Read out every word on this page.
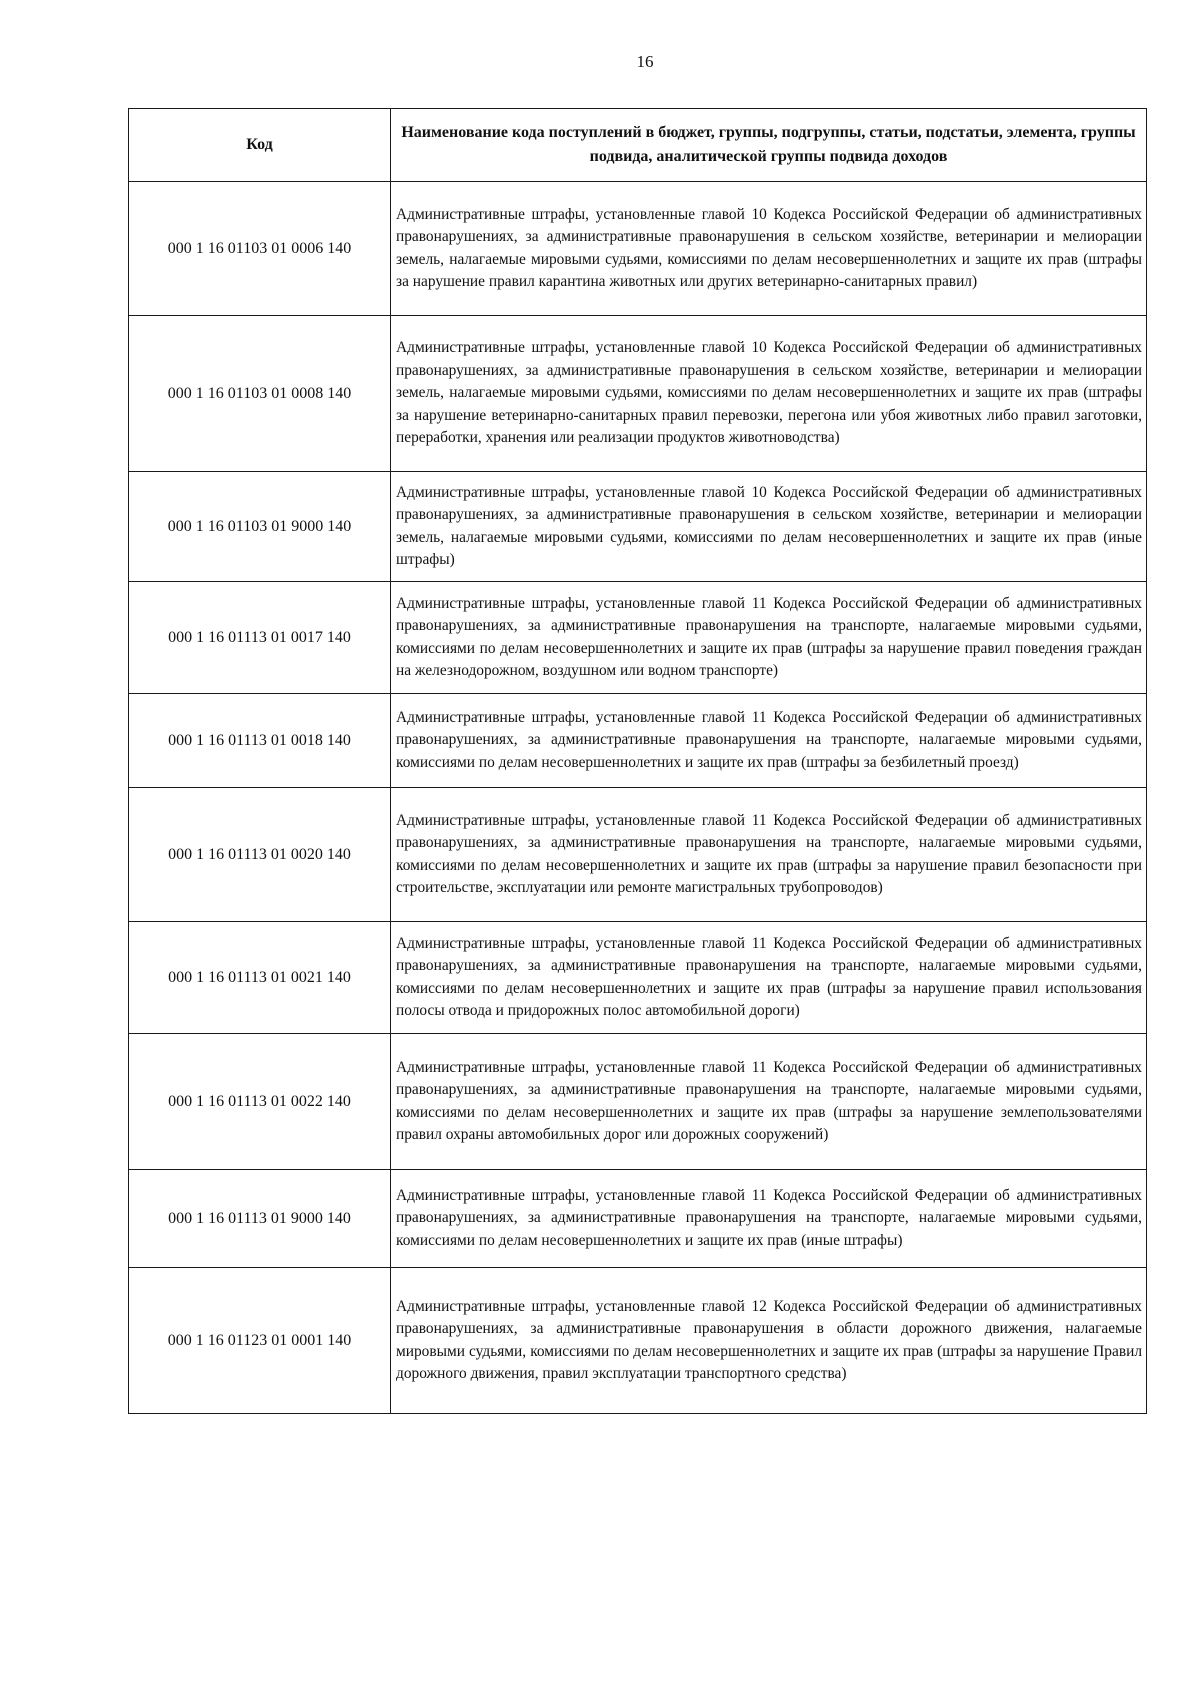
16
Код	Наименование кода поступлений в бюджет, группы, подгруппы, статьи, подстатьи, элемента, группы подвида, аналитической группы подвида доходов
000 1 16 01103 01 0006 140	Административные штрафы, установленные главой 10 Кодекса Российской Федерации об административных правонарушениях, за административные правонарушения в сельском хозяйстве, ветеринарии и мелиорации земель, налагаемые мировыми судьями, комиссиями по делам несовершеннолетних и защите их прав (штрафы за нарушение правил карантина животных или других ветеринарно-санитарных правил)
000 1 16 01103 01 0008 140	Административные штрафы, установленные главой 10 Кодекса Российской Федерации об административных правонарушениях, за административные правонарушения в сельском хозяйстве, ветеринарии и мелиорации земель, налагаемые мировыми судьями, комиссиями по делам несовершеннолетних и защите их прав (штрафы за нарушение ветеринарно-санитарных правил перевозки, перегона или убоя животных либо правил заготовки, переработки, хранения или реализации продуктов животноводства)
000 1 16 01103 01 9000 140	Административные штрафы, установленные главой 10 Кодекса Российской Федерации об административных правонарушениях, за административные правонарушения в сельском хозяйстве, ветеринарии и мелиорации земель, налагаемые мировыми судьями, комиссиями по делам несовершеннолетних и защите их прав (иные штрафы)
000 1 16 01113 01 0017 140	Административные штрафы, установленные главой 11 Кодекса Российской Федерации об административных правонарушениях, за административные правонарушения на транспорте, налагаемые мировыми судьями, комиссиями по делам несовершеннолетних и защите их прав (штрафы за нарушение правил поведения граждан на железнодорожном, воздушном или водном транспорте)
000 1 16 01113 01 0018 140	Административные штрафы, установленные главой 11 Кодекса Российской Федерации об административных правонарушениях, за административные правонарушения на транспорте, налагаемые мировыми судьями, комиссиями по делам несовершеннолетних и защите их прав (штрафы за безбилетный проезд)
000 1 16 01113 01 0020 140	Административные штрафы, установленные главой 11 Кодекса Российской Федерации об административных правонарушениях, за административные правонарушения на транспорте, налагаемые мировыми судьями, комиссиями по делам несовершеннолетних и защите их прав (штрафы за нарушение правил безопасности при строительстве, эксплуатации или ремонте магистральных трубопроводов)
000 1 16 01113 01 0021 140	Административные штрафы, установленные главой 11 Кодекса Российской Федерации об административных правонарушениях, за административные правонарушения на транспорте, налагаемые мировыми судьями, комиссиями по делам несовершеннолетних и защите их прав (штрафы за нарушение правил использования полосы отвода и придорожных полос автомобильной дороги)
000 1 16 01113 01 0022 140	Административные штрафы, установленные главой 11 Кодекса Российской Федерации об административных правонарушениях, за административные правонарушения на транспорте, налагаемые мировыми судьями, комиссиями по делам несовершеннолетних и защите их прав (штрафы за нарушение землепользователями правил охраны автомобильных дорог или дорожных сооружений)
000 1 16 01113 01 9000 140	Административные штрафы, установленные главой 11 Кодекса Российской Федерации об административных правонарушениях, за административные правонарушения на транспорте, налагаемые мировыми судьями, комиссиями по делам несовершеннолетних и защите их прав (иные штрафы)
000 1 16 01123 01 0001 140	Административные штрафы, установленные главой 12 Кодекса Российской Федерации об административных правонарушениях, за административные правонарушения в области дорожного движения, налагаемые мировыми судьями, комиссиями по делам несовершеннолетних и защите их прав (штрафы за нарушение Правил дорожного движения, правил эксплуатации транспортного средства)
